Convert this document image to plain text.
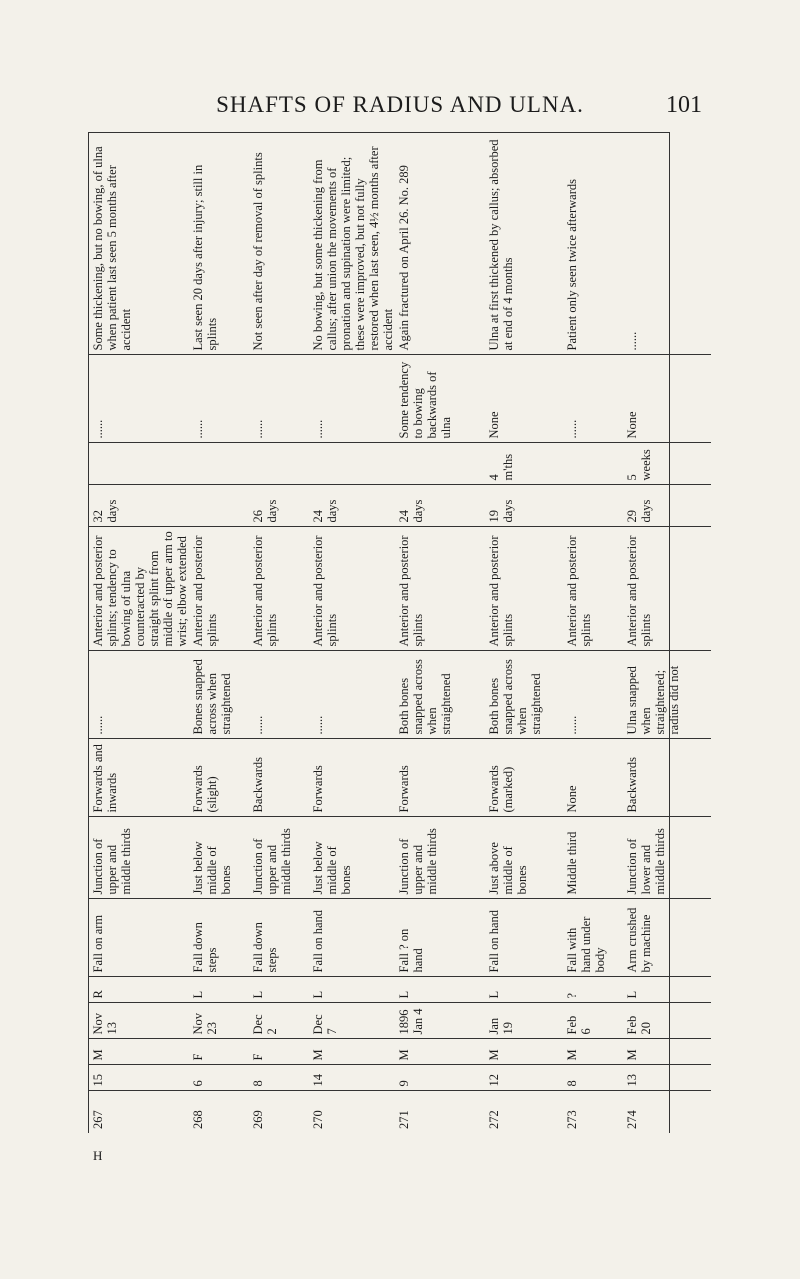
SHAFTS OF RADIUS AND ULNA.	101
267	15	M	Nov 13	R	Fall on arm	Junction of upper and middle thirds	Forwards and inwards	......	Anterior and posterior splints; tendency to bowing of ulna counteracted by straight splint from middle of upper arm to wrist; elbow extended	32 days		......	Some thickening, but no bowing, of ulna when patient last seen 5 months after accident
268	6	F	Nov 23	L	Fall down steps	Just below middle of bones	Forwards (slight)	Bones snapped across when straightened	Anterior and posterior splints			......	Last seen 20 days after injury; still in splints
269	8	F	Dec 2	L	Fall down steps	Junction of upper and middle thirds	Backwards	......	Anterior and posterior splints	26 days		......	Not seen after day of removal of splints
270	14	M	Dec 7	L	Fall on hand	Just below middle of bones	Forwards	......	Anterior and posterior splints	24 days		......	No bowing, but some thickening from callus; after union the movements of pronation and supination were limited; these were improved, but not fully restored when last seen, 4½ months after accident
271	9	M	1896 Jan 4	L	Fall ? on hand	Junction of upper and middle thirds	Forwards	Both bones snapped across when straightened	Anterior and posterior splints	24 days		Some tendency to bowing backwards of ulna	Again fractured on April 26. No. 289
272	12	M	Jan 19	L	Fall on hand	Just above middle of bones	Forwards (marked)	Both bones snapped across when straightened	Anterior and posterior splints	19 days	4 m'ths	None	Ulna at first thickened by callus; absorbed at end of 4 months
273	8	M	Feb 6	?	Fall with hand under body	Middle third	None	......	Anterior and posterior splints			......	Patient only seen twice afterwards
274	13	M	Feb 20	L	Arm crushed by machine	Junction of lower and middle thirds	Backwards	Ulna snapped when straightened; radius did not	Anterior and posterior splints	29 days	5 weeks	None	......
H
